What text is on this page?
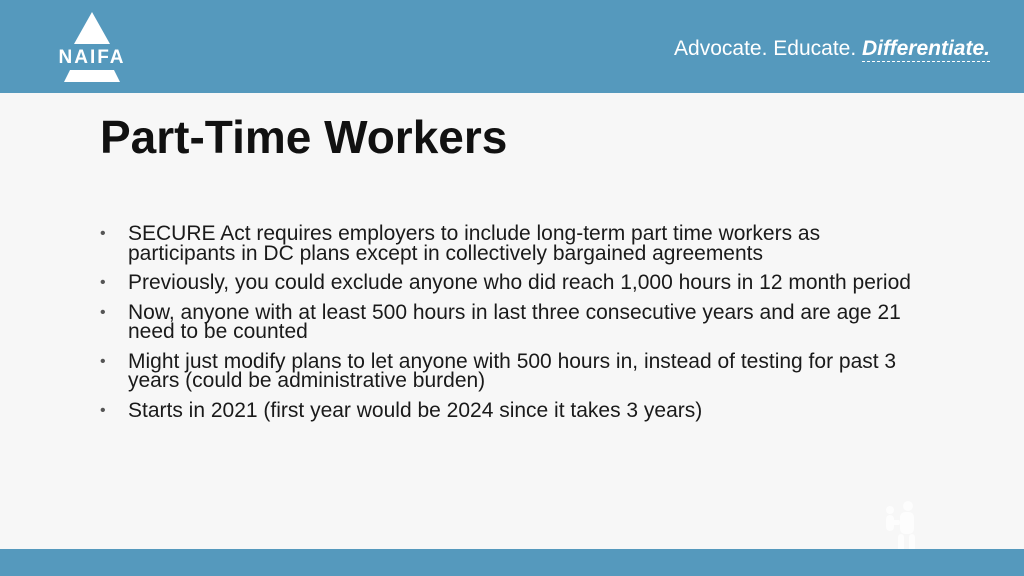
NAIFA	Advocate. Educate. Differentiate.
Part-Time Workers
• SECURE Act requires employers to include long-term part time workers as participants in DC plans except in collectively bargained agreements
• Previously, you could exclude anyone who did reach 1,000 hours in 12 month period
• Now, anyone with at least 500 hours in last three consecutive years and are age 21 need to be counted
• Might just modify plans to let anyone with 500 hours in, instead of testing for past 3 years (could be administrative burden)
• Starts in 2021 (first year would be 2024 since it takes 3 years)
